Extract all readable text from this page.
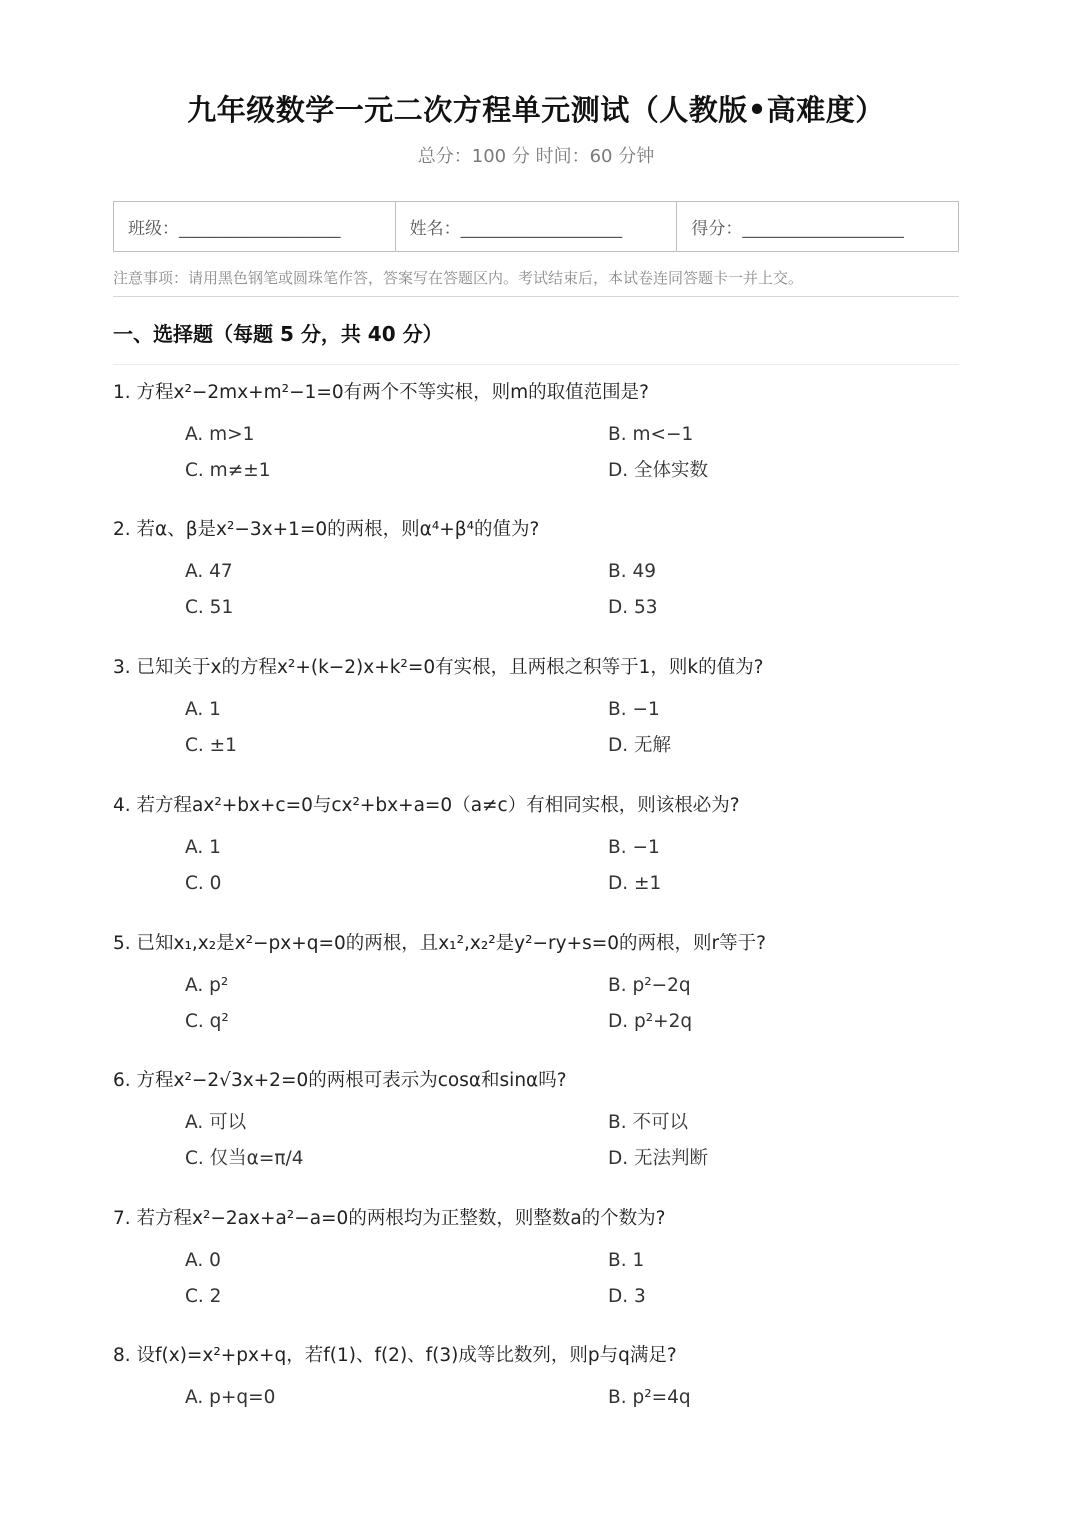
九年级数学一元二次方程单元测试（人教版•高难度）
总分：100 分 时间：60 分钟
班级：___________________	姓名：___________________	得分：___________________
注意事项：请用黑色钢笔或圆珠笔作答，答案写在答题区内。考试结束后，本试卷连同答题卡一并上交。
一、选择题（每题 5 分，共 40 分）
1. 方程x²−2mx+m²−1=0有两个不等实根，则m的取值范围是?
A. m>1	B. m<−1
C. m≠±1	D. 全体实数
2. 若α、β是x²−3x+1=0的两根，则α⁴+β⁴的值为?
A. 47	B. 49
C. 51	D. 53
3. 已知关于x的方程x²+(k−2)x+k²=0有实根，且两根之积等于1，则k的值为?
A. 1	B. −1
C. ±1	D. 无解
4. 若方程ax²+bx+c=0与cx²+bx+a=0（a≠c）有相同实根，则该根必为?
A. 1	B. −1
C. 0	D. ±1
5. 已知x₁,x₂是x²−px+q=0的两根，且x₁²,x₂²是y²−ry+s=0的两根，则r等于?
A. p²	B. p²−2q
C. q²	D. p²+2q
6. 方程x²−2√3x+2=0的两根可表示为cosα和sinα吗?
A. 可以	B. 不可以
C. 仅当α=π/4	D. 无法判断
7. 若方程x²−2ax+a²−a=0的两根均为正整数，则整数a的个数为?
A. 0	B. 1
C. 2	D. 3
8. 设f(x)=x²+px+q，若f(1)、f(2)、f(3)成等比数列，则p与q满足?
A. p+q=0	B. p²=4q
